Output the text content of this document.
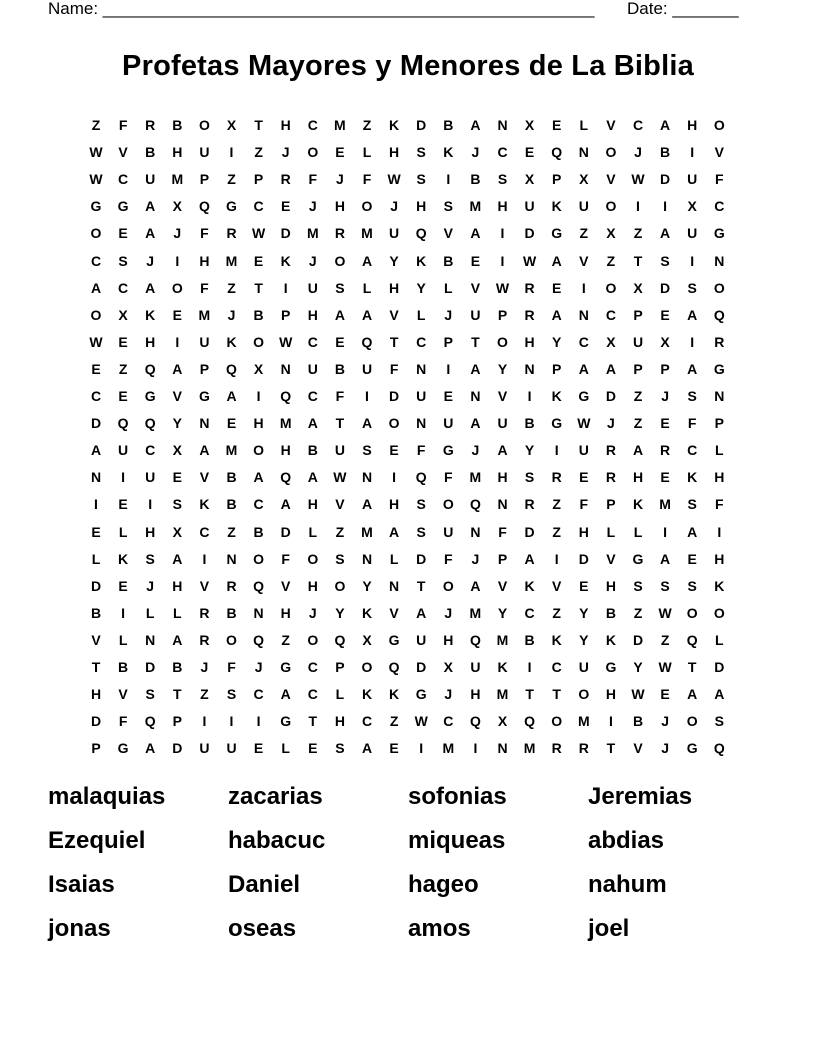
Name: ____________________________________________________ Date: _______
Profetas Mayores y Menores de La Biblia
Z	F	R	B	O	X	T	H	C	M	Z	K	D	B	A	N	X	E	L	V	C	A	H	O
W	V	B	H	U	I	Z	J	O	E	L	H	S	K	J	C	E	Q	N	O	J	B	I	V
W	C	U	M	P	Z	P	R	F	J	F	W	S	I	B	S	X	P	X	V	W	D	U	F
G	G	A	X	Q	G	C	E	J	H	O	J	H	S	M	H	U	K	U	O	I	I	X	C
O	E	A	J	F	R	W	D	M	R	M	U	Q	V	A	I	D	G	Z	X	Z	A	U	G
C	S	J	I	H	M	E	K	J	O	A	Y	K	B	E	I	W	A	V	Z	T	S	I	N
A	C	A	O	F	Z	T	I	U	S	L	H	Y	L	V	W	R	E	I	O	X	D	S	O
O	X	K	E	M	J	B	P	H	A	A	V	L	J	U	P	R	A	N	C	P	E	A	Q
W	E	H	I	U	K	O	W	C	E	Q	T	C	P	T	O	H	Y	C	X	U	X	I	R
E	Z	Q	A	P	Q	X	N	U	B	U	F	N	I	A	Y	N	P	A	A	P	P	A	G
C	E	G	V	G	A	I	Q	C	F	I	D	U	E	N	V	I	K	G	D	Z	J	S	N
D	Q	Q	Y	N	E	H	M	A	T	A	O	N	U	A	U	B	G	W	J	Z	E	F	P
A	U	C	X	A	M	O	H	B	U	S	E	F	G	J	A	Y	I	U	R	A	R	C	L
N	I	U	E	V	B	A	Q	A	W	N	I	Q	F	M	H	S	R	E	R	H	E	K	H
I	E	I	S	K	B	C	A	H	V	A	H	S	O	Q	N	R	Z	F	P	K	M	S	F
E	L	H	X	C	Z	B	D	L	Z	M	A	S	U	N	F	D	Z	H	L	L	I	A	I
L	K	S	A	I	N	O	F	O	S	N	L	D	F	J	P	A	I	D	V	G	A	E	H
D	E	J	H	V	R	Q	V	H	O	Y	N	T	O	A	V	K	V	E	H	S	S	S	K
B	I	L	L	R	B	N	H	J	Y	K	V	A	J	M	Y	C	Z	Y	B	Z	W	O	O
V	L	N	A	R	O	Q	Z	O	Q	X	G	U	H	Q	M	B	K	Y	K	D	Z	Q	L
T	B	D	B	J	F	J	G	C	P	O	Q	D	X	U	K	I	C	U	G	Y	W	T	D
H	V	S	T	Z	S	C	A	C	L	K	K	G	J	H	M	T	T	O	H	W	E	A	A
D	F	Q	P	I	I	I	G	T	H	C	Z	W	C	Q	X	Q	O	M	I	B	J	O	S
P	G	A	D	U	U	E	L	E	S	A	E	I	M	I	N	M	R	R	T	V	J	G	Q
malaquias	zacarias	sofonias	Jeremias
Ezequiel	habacuc	miqueas	abdias
Isaias	Daniel	hageo	nahum
jonas	oseas	amos	joel
